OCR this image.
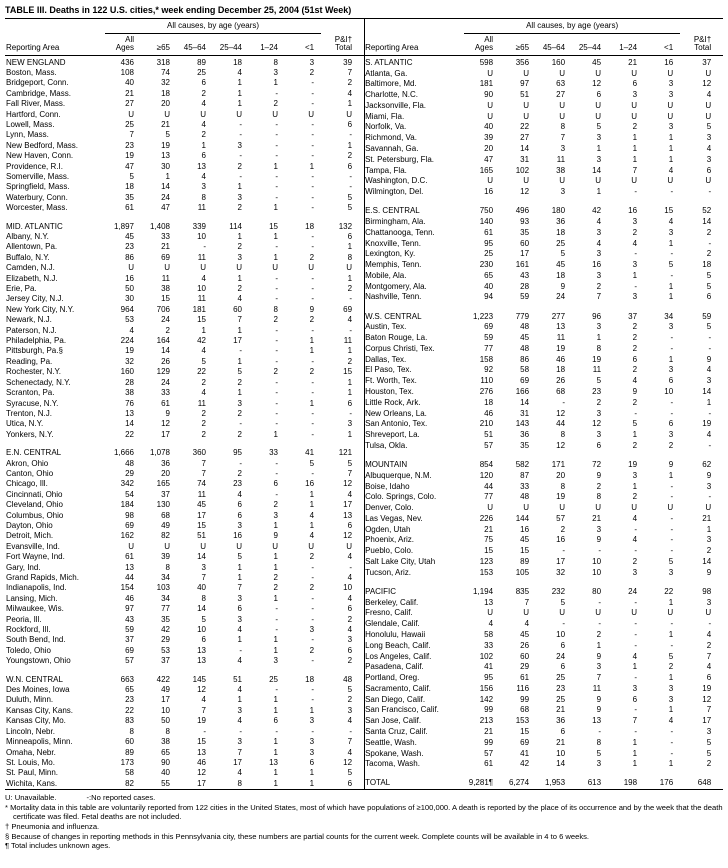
TABLE III. Deaths in 122 U.S. cities,* week ending December 25, 2004 (51st Week)
	All causes, by age (years)						
Reporting Area	All
Ages	≥65	45–64	25–44	1–24	<1	P&I†
Total
NEW ENGLAND	436	318	89	18	8	3	39
Boston, Mass.	108	74	25	4	3	2	7
Bridgeport, Conn.	40	32	6	1	1	-	2
Cambridge, Mass.	21	18	2	1	-	-	4
Fall River, Mass.	27	20	4	1	2	-	1
Hartford, Conn.	U	U	U	U	U	U	U
Lowell, Mass.	25	21	4	-	-	-	6
Lynn, Mass.	7	5	2	-	-	-	-
New Bedford, Mass.	23	19	1	3	-	-	1
New Haven, Conn.	19	13	6	-	-	-	2
Providence, R.I.	47	30	13	2	1	1	6
Somerville, Mass.	5	1	4	-	-	-	-
Springfield, Mass.	18	14	3	1	-	-	-
Waterbury, Conn.	35	24	8	3	-	-	5
Worcester, Mass.	61	47	11	2	1	-	5

MID. ATLANTIC	1,897	1,408	339	114	15	18	132
Albany, N.Y.	45	33	10	1	1	-	6
Allentown, Pa.	23	21	-	2	-	-	1
Buffalo, N.Y.	86	69	11	3	1	2	8
Camden, N.J.	U	U	U	U	U	U	U
Elizabeth, N.J.	16	11	4	1	-	-	1
Erie, Pa.	50	38	10	2	-	-	2
Jersey City, N.J.	30	15	11	4	-	-	-
New York City, N.Y.	964	706	181	60	8	9	69
Newark, N.J.	53	24	15	7	2	2	4
Paterson, N.J.	4	2	1	1	-	-	-
Philadelphia, Pa.	224	164	42	17	-	1	11
Pittsburgh, Pa.§	19	14	4	-	-	1	1
Reading, Pa.	32	26	5	1	-	-	2
Rochester, N.Y.	160	129	22	5	2	2	15
Schenectady, N.Y.	28	24	2	2	-	-	1
Scranton, Pa.	38	33	4	1	-	-	1
Syracuse, N.Y.	76	61	11	3	-	1	6
Trenton, N.J.	13	9	2	2	-	-	-
Utica, N.Y.	14	12	2	-	-	-	3
Yonkers, N.Y.	22	17	2	2	1	-	1

E.N. CENTRAL	1,666	1,078	360	95	33	41	121
Akron, Ohio	48	36	7	-	-	5	5
Canton, Ohio	29	20	7	2	-	-	7
Chicago, Ill.	342	165	74	23	6	16	12
Cincinnati, Ohio	54	37	11	4	-	1	4
Cleveland, Ohio	184	130	45	6	2	1	17
Columbus, Ohio	98	68	17	6	3	4	13
Dayton, Ohio	69	49	15	3	1	1	6
Detroit, Mich.	162	82	51	16	9	4	12
Evansville, Ind.	U	U	U	U	U	U	U
Fort Wayne, Ind.	61	39	14	5	1	2	4
Gary, Ind.	13	8	3	1	1	-	-
Grand Rapids, Mich.	44	34	7	1	2	-	4
Indianapolis, Ind.	154	103	40	7	2	2	10
Lansing, Mich.	46	34	8	3	1	-	4
Milwaukee, Wis.	97	77	14	6	-	-	6
Peoria, Ill.	43	35	5	3	-	-	2
Rockford, Ill.	59	42	10	4	-	3	4
South Bend, Ind.	37	29	6	1	1	-	3
Toledo, Ohio	69	53	13	-	1	2	6
Youngstown, Ohio	57	37	13	4	3	-	2

W.N. CENTRAL	663	422	145	51	25	18	48
Des Moines, Iowa	65	49	12	4	-	-	5
Duluth, Minn.	23	17	4	1	1	-	2
Kansas City, Kans.	22	10	7	3	1	1	3
Kansas City, Mo.	83	50	19	4	6	3	4
Lincoln, Nebr.	8	8	-	-	-	-	-
Minneapolis, Minn.	60	38	15	3	1	3	7
Omaha, Nebr.	89	65	13	7	1	3	4
St. Louis, Mo.	173	90	46	17	13	6	12
St. Paul, Minn.	58	40	12	4	1	1	5
Wichita, Kans.	82	55	17	8	1	1	6
	All causes, by age (years)						
Reporting Area	All
Ages	≥65	45–64	25–44	1–24	<1	P&I†
Total
S. ATLANTIC	598	356	160	45	21	16	37
Atlanta, Ga.	U	U	U	U	U	U	U
Baltimore, Md.	181	97	63	12	6	3	12
Charlotte, N.C.	90	51	27	6	3	3	4
Jacksonville, Fla.	U	U	U	U	U	U	U
Miami, Fla.	U	U	U	U	U	U	U
Norfolk, Va.	40	22	8	5	2	3	5
Richmond, Va.	39	27	7	3	1	1	3
Savannah, Ga.	20	14	3	1	1	1	4
St. Petersburg, Fla.	47	31	11	3	1	1	3
Tampa, Fla.	165	102	38	14	7	4	6
Washington, D.C.	U	U	U	U	U	U	U
Wilmington, Del.	16	12	3	1	-	-	-

E.S. CENTRAL	750	496	180	42	16	15	52
Birmingham, Ala.	140	93	36	4	3	4	14
Chattanooga, Tenn.	61	35	18	3	2	3	2
Knoxville, Tenn.	95	60	25	4	4	1	-
Lexington, Ky.	25	17	5	3	-	-	2
Memphis, Tenn.	230	161	45	16	3	5	18
Mobile, Ala.	65	43	18	3	1	-	5
Montgomery, Ala.	40	28	9	2	-	1	5
Nashville, Tenn.	94	59	24	7	3	1	6

W.S. CENTRAL	1,223	779	277	96	37	34	59
Austin, Tex.	69	48	13	3	2	3	5
Baton Rouge, La.	59	45	11	1	2	-	-
Corpus Christi, Tex.	77	48	19	8	2	-	-
Dallas, Tex.	158	86	46	19	6	1	9
El Paso, Tex.	92	58	18	11	2	3	4
Ft. Worth, Tex.	110	69	26	5	4	6	3
Houston, Tex.	276	166	68	23	9	10	14
Little Rock, Ark.	18	14	-	2	2	-	1
New Orleans, La.	46	31	12	3	-	-	-
San Antonio, Tex.	210	143	44	12	5	6	19
Shreveport, La.	51	36	8	3	1	3	4
Tulsa, Okla.	57	35	12	6	2	2	-

MOUNTAIN	854	582	171	72	19	9	62
Albuquerque, N.M.	120	87	20	9	3	1	9
Boise, Idaho	44	33	8	2	1	-	3
Colo. Springs, Colo.	77	48	19	8	2	-	-
Denver, Colo.	U	U	U	U	U	U	U
Las Vegas, Nev.	226	144	57	21	4	-	21
Ogden, Utah	21	16	2	3	-	-	1
Phoenix, Ariz.	75	45	16	9	4	-	3
Pueblo, Colo.	15	15	-	-	-	-	2
Salt Lake City, Utah	123	89	17	10	2	5	14
Tucson, Ariz.	153	105	32	10	3	3	9

PACIFIC	1,194	835	232	80	24	22	98
Berkeley, Calif.	13	7	5	-	-	1	3
Fresno, Calif.	U	U	U	U	U	U	U
Glendale, Calif.	4	4	-	-	-	-	-
Honolulu, Hawaii	58	45	10	2	-	1	4
Long Beach, Calif.	33	26	6	1	-	-	2
Los Angeles, Calif.	102	60	24	9	4	5	7
Pasadena, Calif.	41	29	6	3	1	2	4
Portland, Oreg.	95	61	25	7	-	1	6
Sacramento, Calif.	156	116	23	11	3	3	19
San Diego, Calif.	142	99	25	9	6	3	12
San Francisco, Calif.	99	68	21	9	-	1	7
San Jose, Calif.	213	153	36	13	7	4	17
Santa Cruz, Calif.	21	15	6	-	-	-	3
Seattle, Wash.	99	69	21	8	1	-	5
Spokane, Wash.	57	41	10	5	1	-	5
Tacoma, Wash.	61	42	14	3	1	1	2

TOTAL	9,281¶	6,274	1,953	613	198	176	648
U: Unavailable.	-:No reported cases.
* Mortality data in this table are voluntarily reported from 122 cities in the United States, most of which have populations of ≥100,000. A death is reported by the place of its occurrence and by the week that the death certificate was filed. Fetal deaths are not included.
† Pneumonia and influenza.
§ Because of changes in reporting methods in this Pennsylvania city, these numbers are partial counts for the current week. Complete counts will be available in 4 to 6 weeks.
¶ Total includes unknown ages.
